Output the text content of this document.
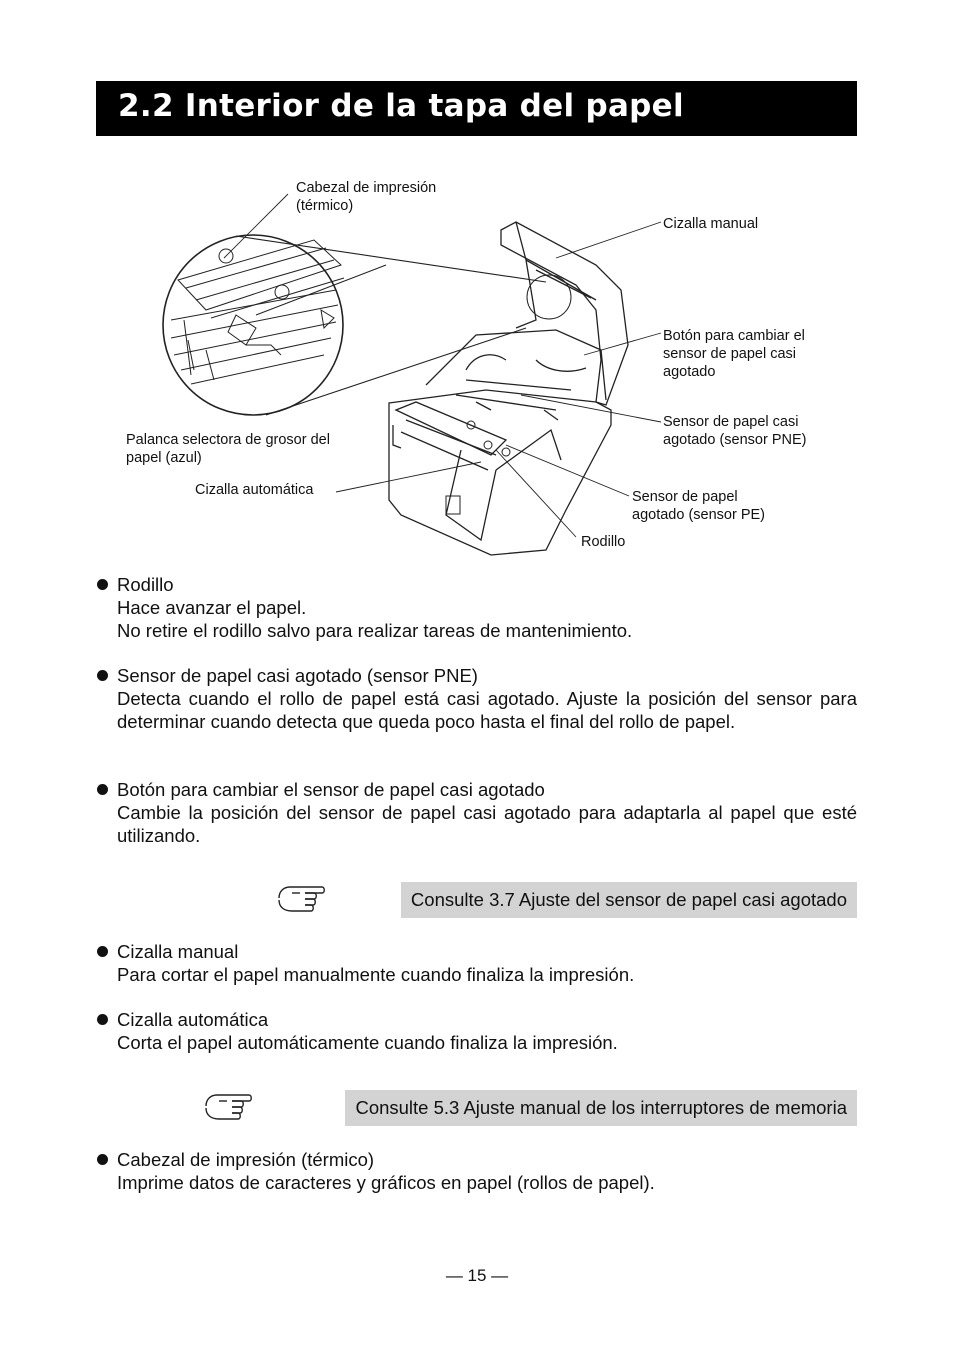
2.2 Interior de la tapa del papel
Cabezal de impresión
(térmico)
Cizalla manual
Botón para cambiar el
sensor de papel casi
agotado
Sensor de papel casi
agotado (sensor PNE)
Sensor de papel
agotado (sensor PE)
Rodillo
Palanca selectora de grosor del
papel (azul)
Cizalla automática
Rodillo
Hace avanzar el papel.
No retire el rodillo salvo para realizar tareas de mantenimiento.
Sensor de papel casi agotado (sensor PNE)
Detecta cuando el rollo de papel está casi agotado. Ajuste la posición del sensor para determinar cuando detecta que queda poco hasta el final del rollo de papel.
Botón para cambiar el sensor de papel casi agotado
Cambie la posición del sensor de papel casi agotado para adaptarla al papel que esté utilizando.
Consulte 3.7 Ajuste del sensor de papel casi agotado
Cizalla manual
Para cortar el papel manualmente cuando finaliza la impresión.
Cizalla automática
Corta el papel automáticamente cuando finaliza la impresión.
Consulte 5.3 Ajuste manual de los interruptores de memoria
Cabezal de impresión (térmico)
Imprime datos de caracteres y gráficos en papel (rollos de papel).
— 15 —
